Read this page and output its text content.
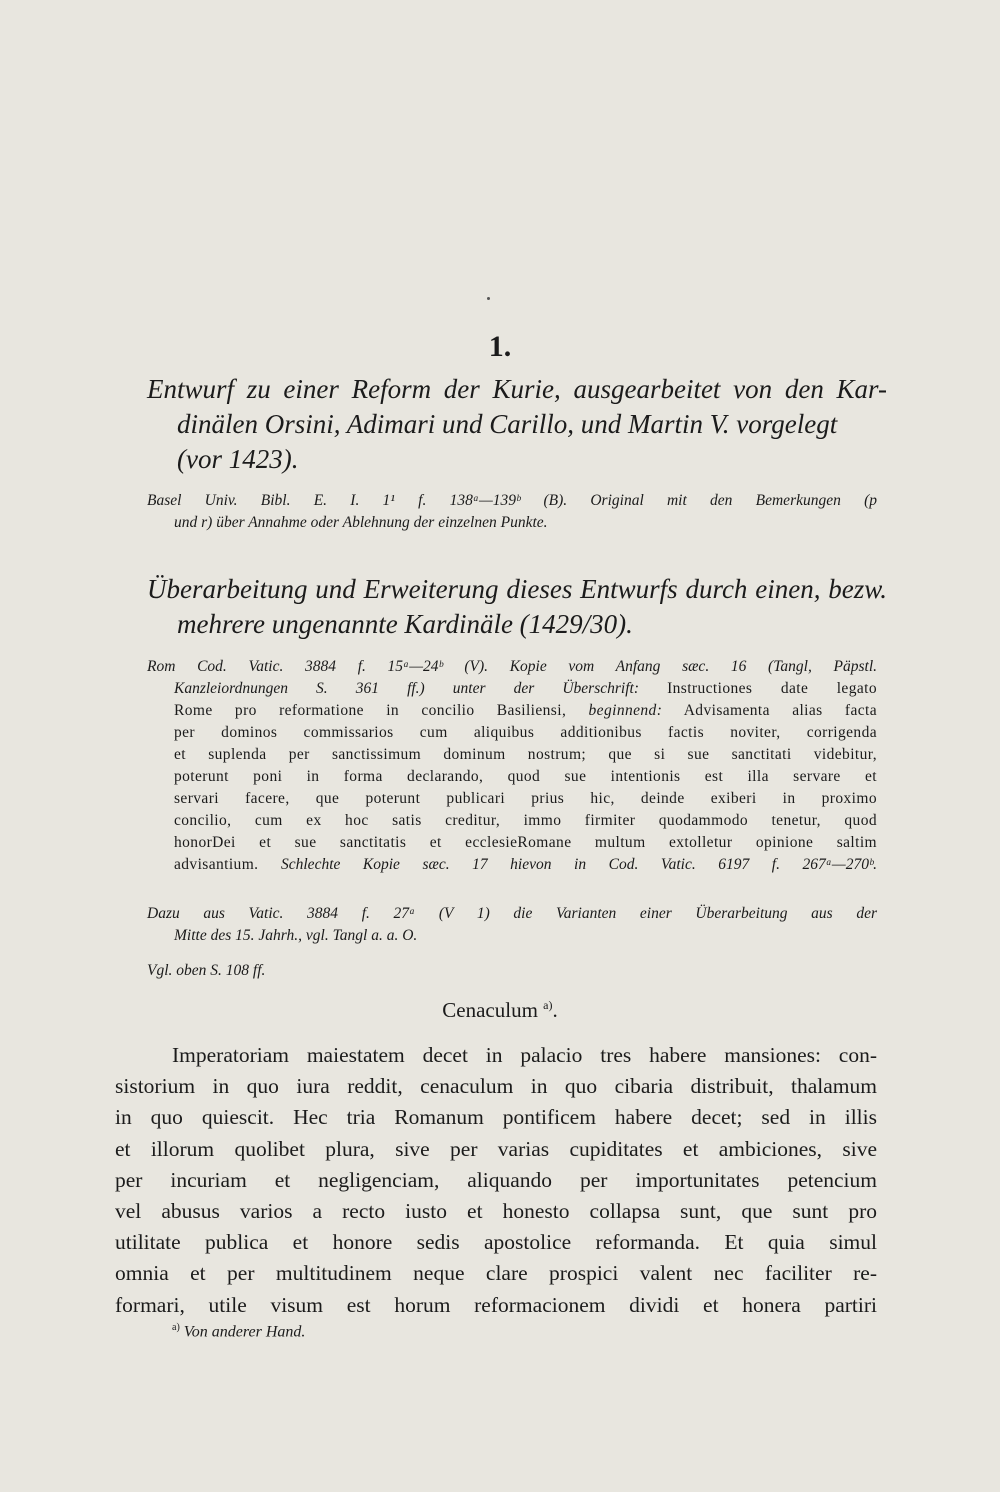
1.
Entwurf zu einer Reform der Kurie, ausgearbeitet von den Kar-
dinälen Orsini, Adimari und Carillo, und Martin V. vorgelegt
(vor 1423).
Basel Univ. Bibl. E. I. 1¹ f. 138ᵃ—139ᵇ (B). Original mit den Bemerkungen (p
und r) über Annahme oder Ablehnung der einzelnen Punkte.
Überarbeitung und Erweiterung dieses Entwurfs durch einen, bezw.
mehrere ungenannte Kardinäle (1429/30).
Rom Cod. Vatic. 3884 f. 15ᵃ—24ᵇ (V). Kopie vom Anfang sæc. 16 (Tangl, Päpstl.
Kanzleiordnungen S. 361 ff.) unter der Überschrift: Instructiones date legato
Rome pro reformatione in concilio Basiliensi, beginnend: Advisamenta alias facta
per dominos commissarios cum aliquibus additionibus factis noviter, corrigenda
et suplenda per sanctissimum dominum nostrum; que si sue sanctitati videbitur,
poterunt poni in forma declarando, quod sue intentionis est illa servare et
servari facere, que poterunt publicari prius hic, deinde exiberi in proximo
concilio, cum ex hoc satis creditur, immo firmiter quodammodo tenetur, quod
honorDei et sue sanctitatis et ecclesieRomane multum extolletur opinione saltim
advisantium. Schlechte Kopie sæc. 17 hievon in Cod. Vatic. 6197 f. 267ᵃ—270ᵇ.
Dazu aus Vatic. 3884 f. 27ᵃ (V 1) die Varianten einer Überarbeitung aus der
Mitte des 15. Jahrh., vgl. Tangl a. a. O.
Vgl. oben S. 108 ff.
Cenaculum $^{a)}$.
Imperatoriam maiestatem decet in palacio tres habere mansiones: con-
sistorium in quo iura reddit, cenaculum in quo cibaria distribuit, thalamum
in quo quiescit. Hec tria Romanum pontificem habere decet; sed in illis
et illorum quolibet plura, sive per varias cupiditates et ambiciones, sive
per incuriam et negligenciam, aliquando per importunitates petencium
vel abusus varios a recto iusto et honesto collapsa sunt, que sunt pro
utilitate publica et honore sedis apostolice reformanda. Et quia simul
omnia et per multitudinem neque clare prospici valent nec faciliter re-
formari, utile visum est horum reformacionem dividi et honera partiri
$^{a)}$ Von anderer Hand.
